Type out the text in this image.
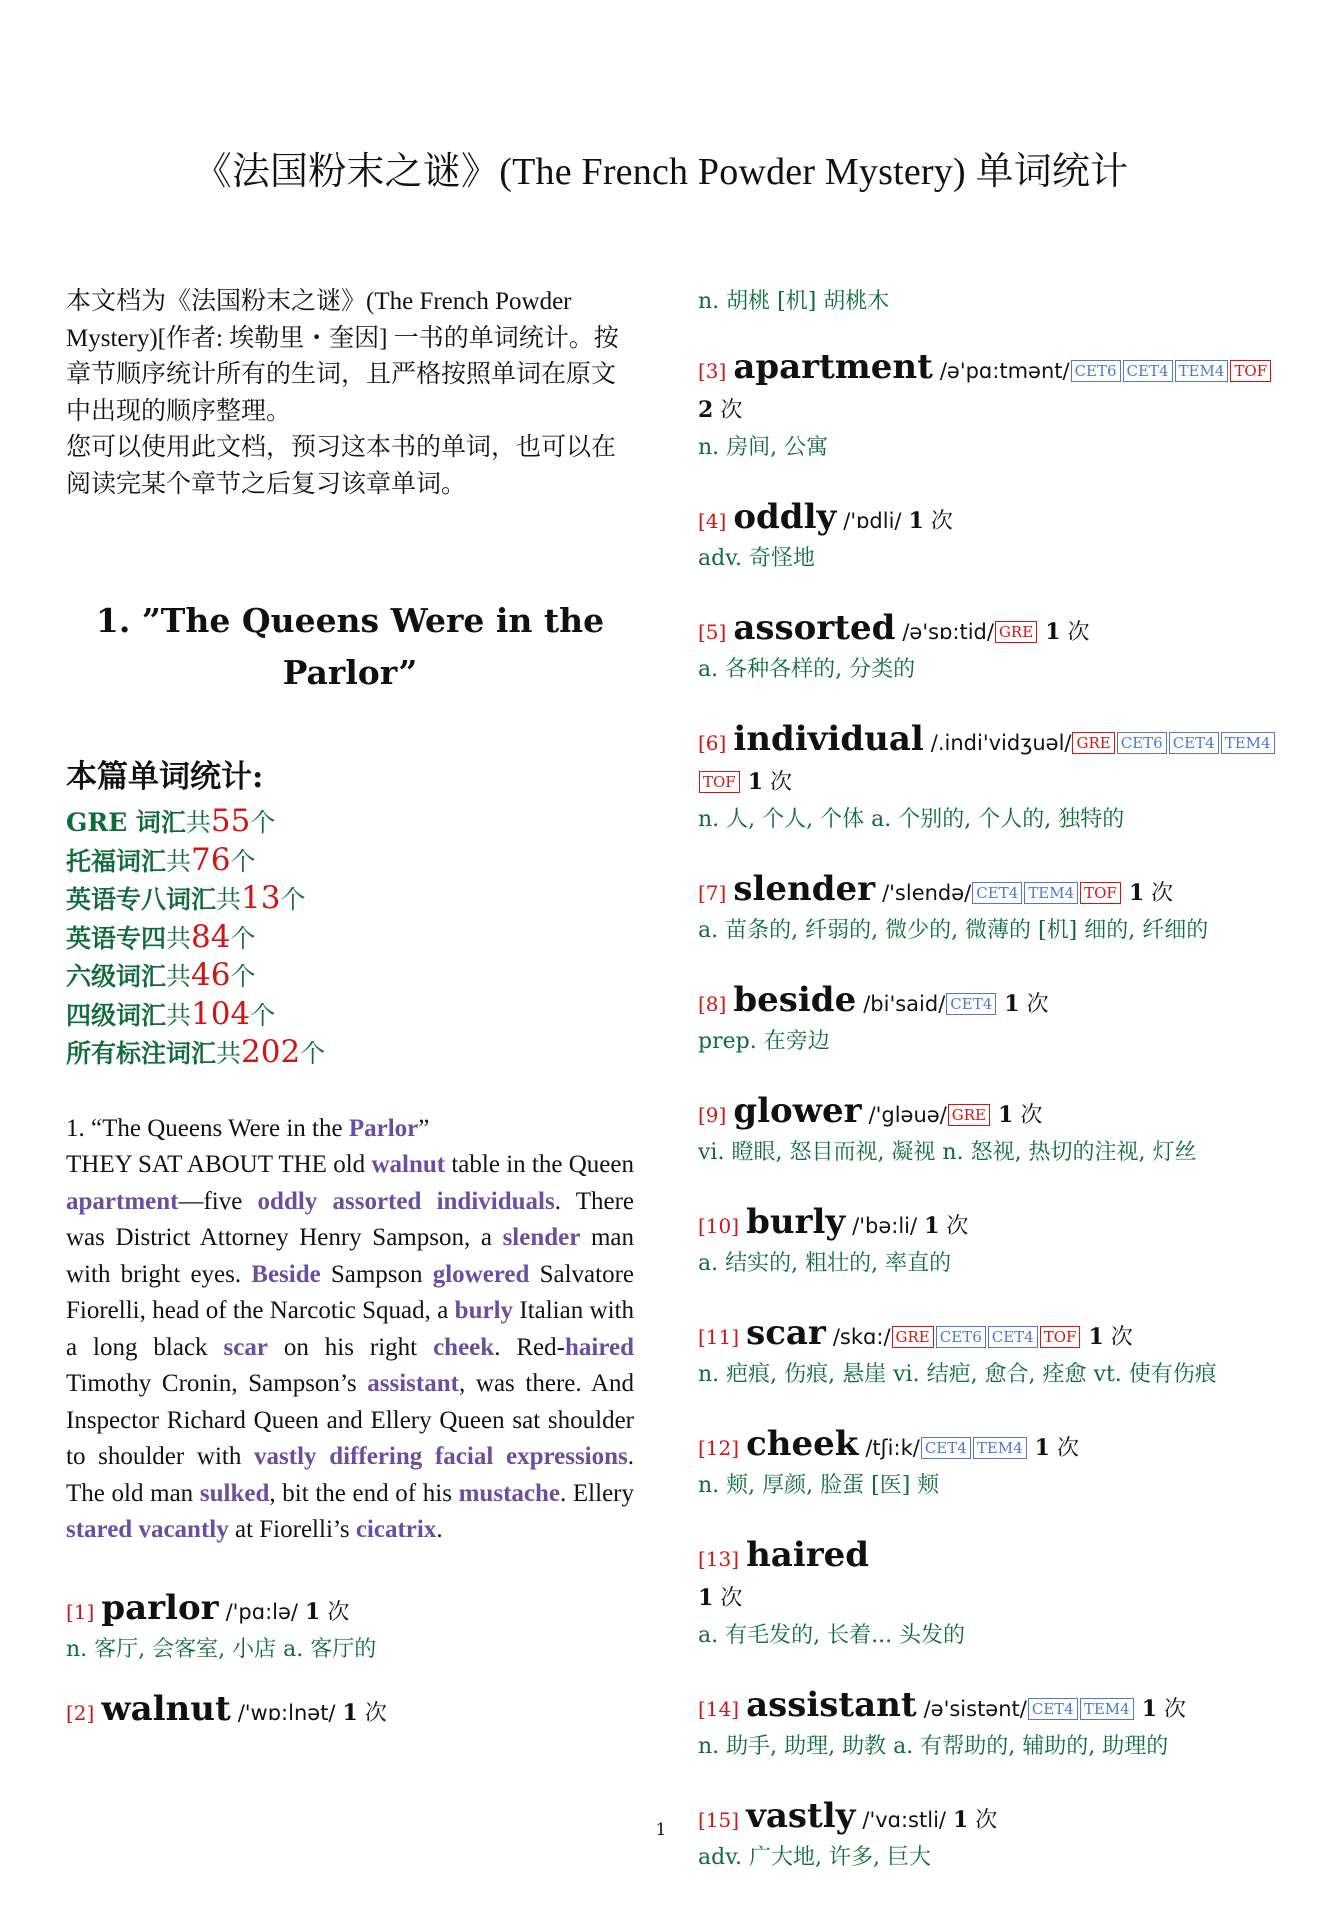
《法国粉末之谜》(The French Powder Mystery) 单词统计

本文档为《法国粉末之谜》(The French Powder Mystery)[作者: 埃勒里・奎因] 一书的单词统计。按章节顺序统计所有的生词，且严格按照单词在原文中出现的顺序整理。

您可以使用此文档，预习这本书的单词，也可以在阅读完某个章节之后复习该章单词。

1. ”The Queens Were in the
Parlor”
本篇单词统计:
GRE 词汇共55个
托福词汇共76个
英语专八词汇共13个
英语专四共84个
六级词汇共46个
四级词汇共104个
所有标注词汇共202个

1. “The Queens Were in the Parlor”

THEY SAT ABOUT THE old walnut table in the Queen apartment—five oddly assorted individuals. There was District Attorney Henry Sampson, a slender man with bright eyes. Beside Sampson glowered Salvatore Fiorelli, head of the Narcotic Squad, a burly Italian with a long black scar on his right cheek. Red-haired Timothy Cronin, Sampson’s assistant, was there. And Inspector Richard Queen and Ellery Queen sat shoulder to shoulder with vastly differing facial expressions. The old man sulked, bit the end of his mustache. Ellery stared vacantly at Fiorelli’s cicatrix.

[1] parlor /'pɑ:lə/ 1 次
n. 客厅, 会客室, 小店 a. 客厅的
[2] walnut /'wɒ:lnət/ 1 次
n. 胡桃 [机] 胡桃木
[3] apartment /ə'pɑ:tmənt/ CET6 CET4 TEM4 TOF
2 次
n. 房间, 公寓
[4] oddly /'ɒdli/ 1 次
adv. 奇怪地
[5] assorted /ə'sɒ:tid/ GRE 1 次
a. 各种各样的, 分类的
[6] individual /.indi'vidʒuəl/ GRE CET6 CET4 TEM4TOF 1 次
n. 人, 个人, 个体 a. 个别的, 个人的, 独特的
[7] slender /'slendə/ CET4 TEM4 TOF 1 次
a. 苗条的, 纤弱的, 微少的, 微薄的 [机] 细的, 纤细的
[8] beside /bi'said/ CET4 1 次
prep. 在旁边
[9] glower /'gləuə/ GRE 1 次
vi. 瞪眼, 怒目而视, 凝视 n. 怒视, 热切的注视, 灯丝
[10] burly /'bə:li/ 1 次
a. 结实的, 粗壮的, 率直的
[11] scar /skɑ:/ GRE CET6 CET4 TOF 1 次
n. 疤痕, 伤痕, 悬崖 vi. 结疤, 愈合, 痊愈 vt. 使有伤痕
[12] cheek /tʃi:k/ CET4 TEM4 1 次
n. 颊, 厚颜, 脸蛋 [医] 颊
[13] haired
1 次
a. 有毛发的, 长着... 头发的
[14] assistant /ə'sistənt/ CET4 TEM4 1 次
n. 助手, 助理, 助教 a. 有帮助的, 辅助的, 助理的
[15] vastly /'vɑ:stli/ 1 次
adv. 广大地, 许多, 巨大
1
